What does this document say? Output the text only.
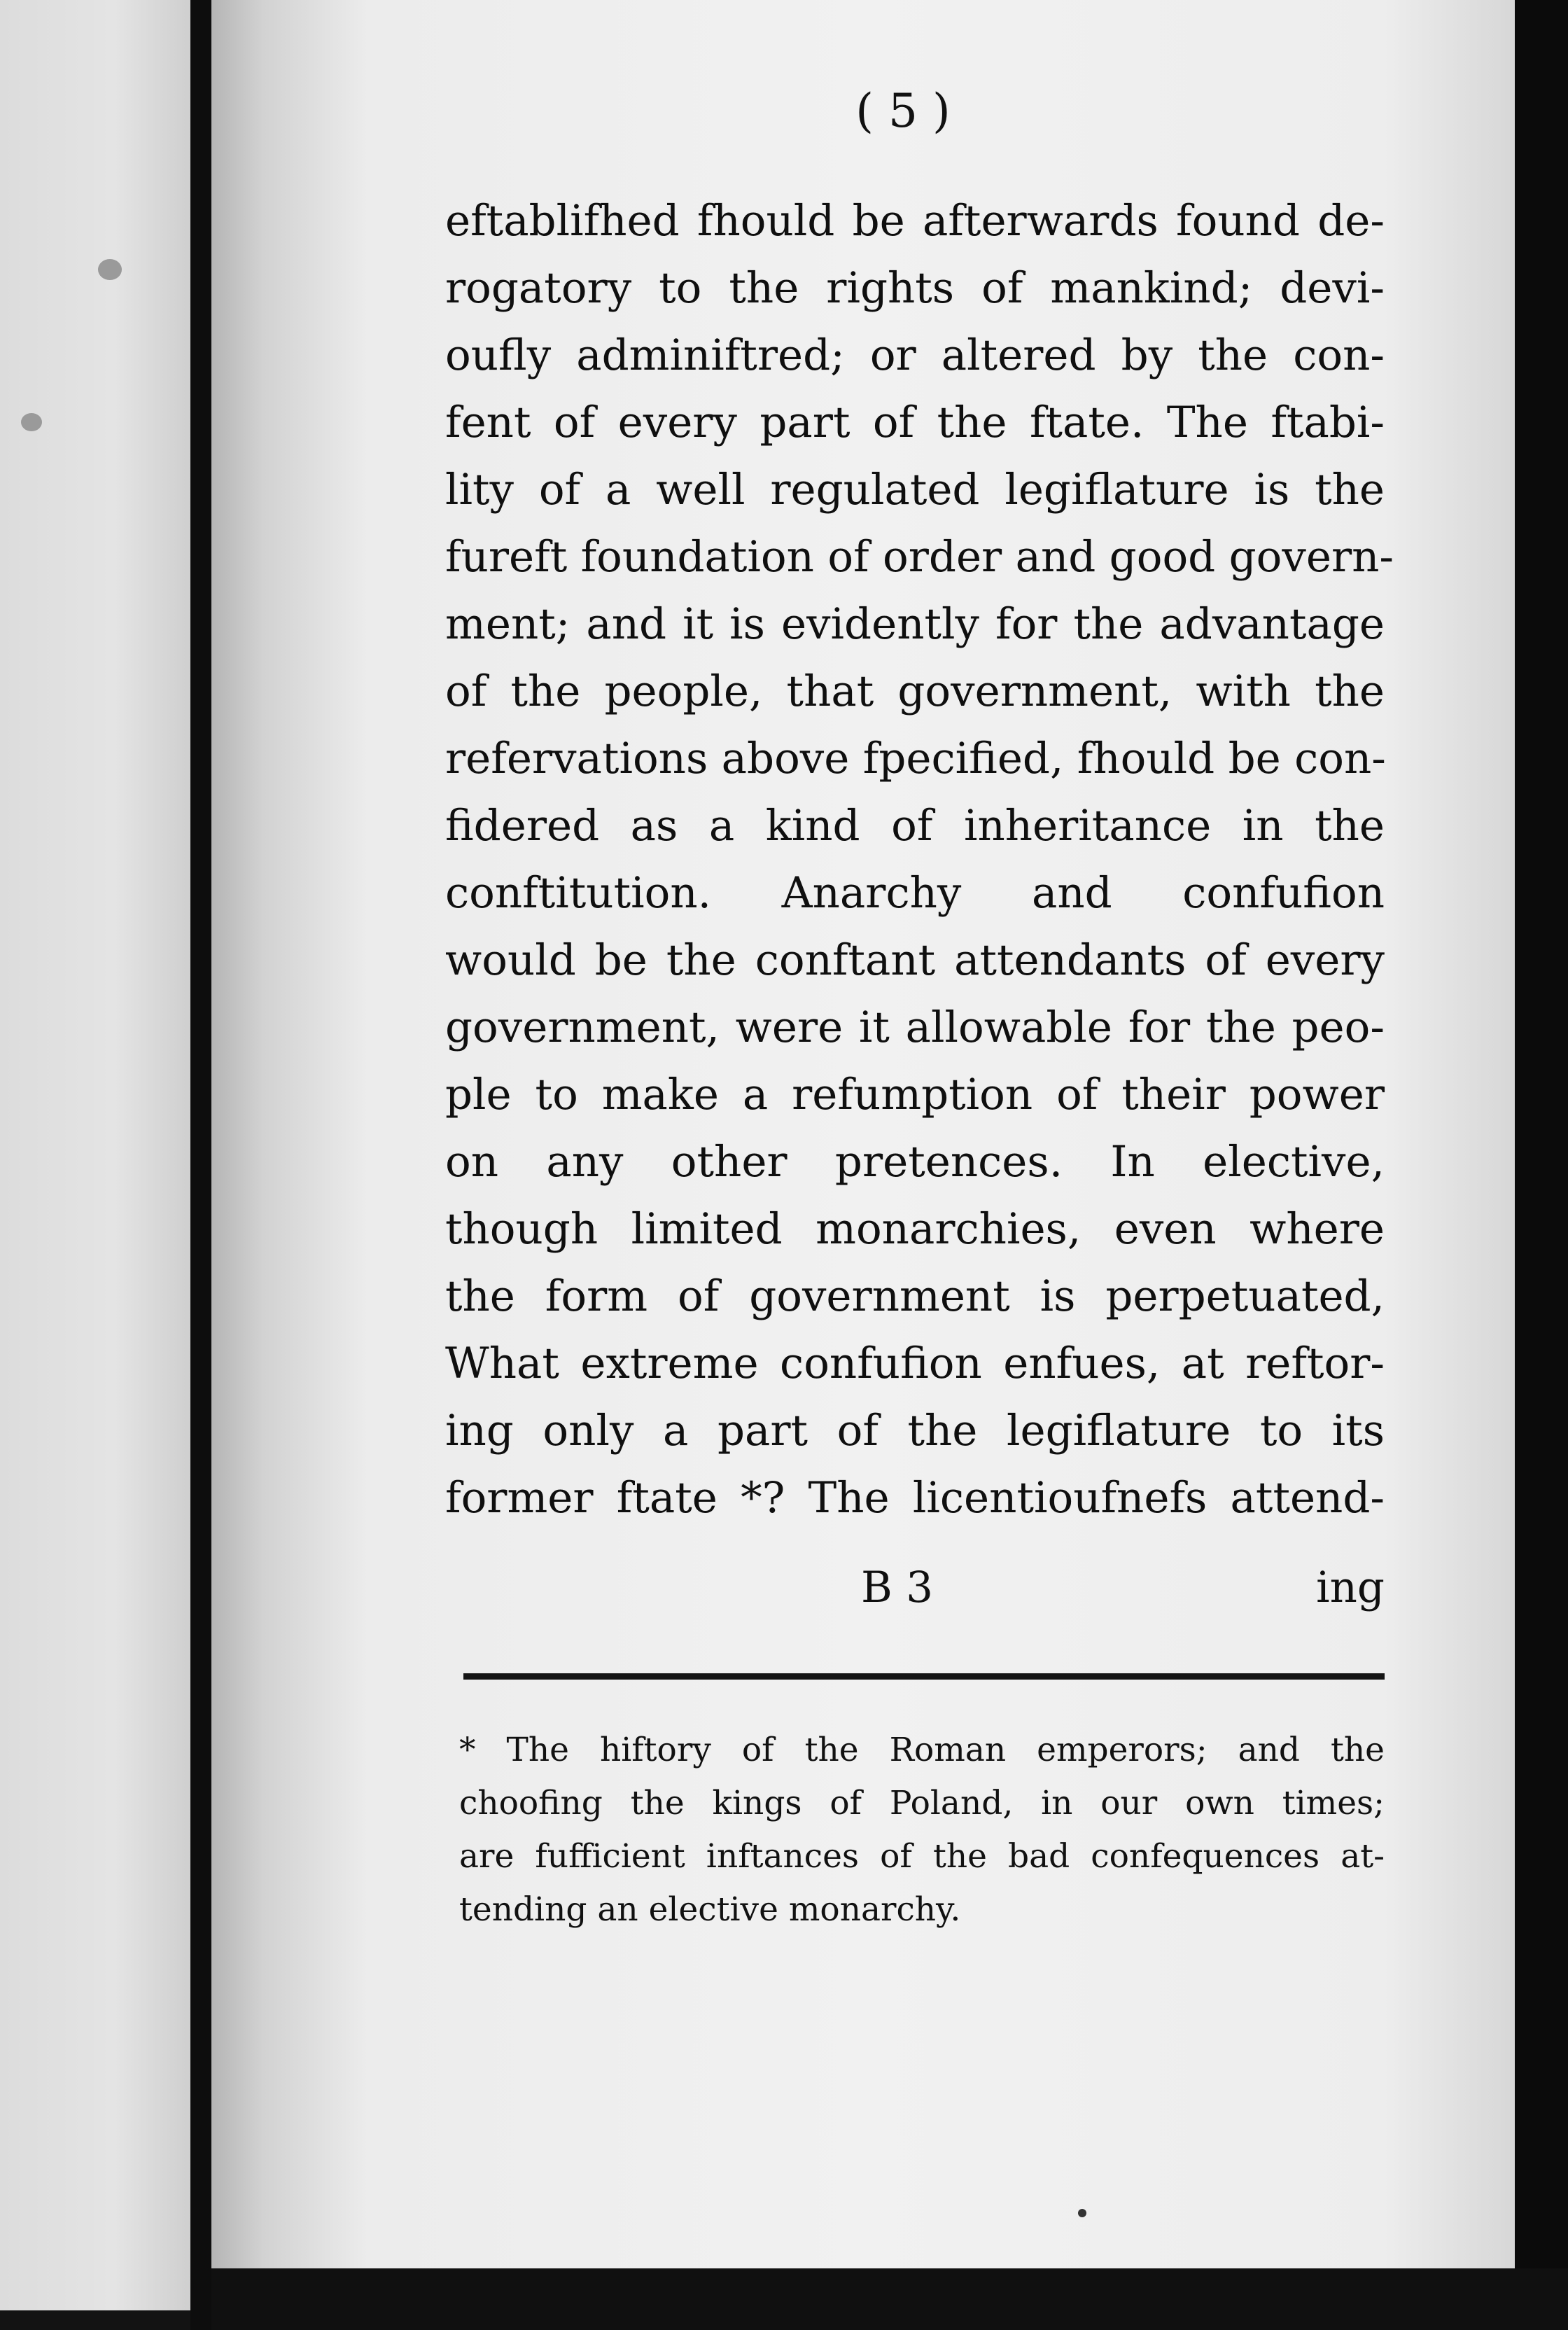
( 5 )
eftablifhed fhould be afterwards found de-
rogatory to the rights of mankind; devi-
oufly adminiftred; or altered by the con-
fent of every part of the ftate. The ftabi-
lity of a well regulated legiflature is the
fureft foundation of order and good govern-
ment; and it is evidently for the advantage
of the people, that government, with the
refervations above fpecified, fhould be con-
fidered as a kind of inheritance in the
conftitution. Anarchy and confufion
would be the conftant attendants of every
government, were it allowable for the peo-
ple to make a refumption of their power
on any other pretences. In elective,
though limited monarchies, even where
the form of government is perpetuated,
What extreme confufion enfues, at reftor-
ing only a part of the legiflature to its
former ftate *? The licentioufnefs attend-
B 3	ing
* The hiftory of the Roman emperors; and the
choofing the kings of Poland, in our own times;
are fufficient inftances of the bad confequences at-
tending an elective monarchy.
